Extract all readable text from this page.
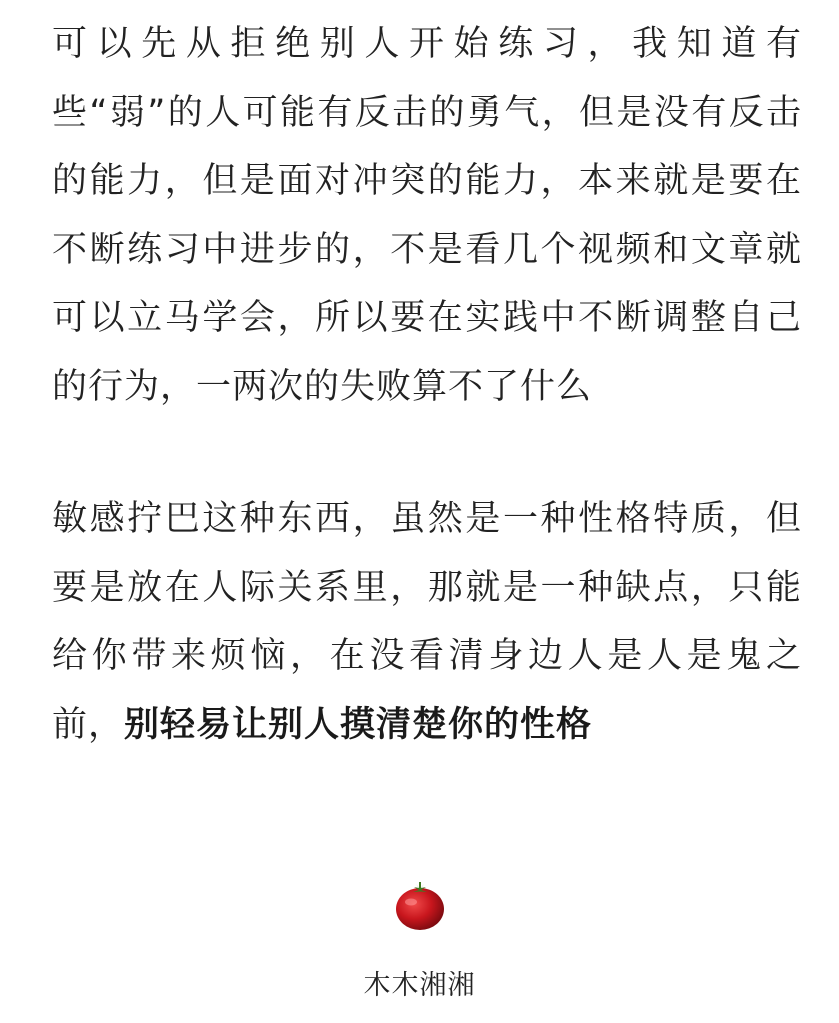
可以先从拒绝别人开始练习，我知道有些“弱”的人可能有反击的勇气，但是没有反击的能力，但是面对冲突的能力，本来就是要在不断练习中进步的，不是看几个视频和文章就可以立马学会，所以要在实践中不断调整自己的行为，一两次的失败算不了什么

敏感拧巴这种东西，虽然是一种性格特质，但要是放在人际关系里，那就是一种缺点，只能给你带来烦恼，在没看清身边人是人是鬼之前，别轻易让别人摸清楚你的性格

木木湘湘
